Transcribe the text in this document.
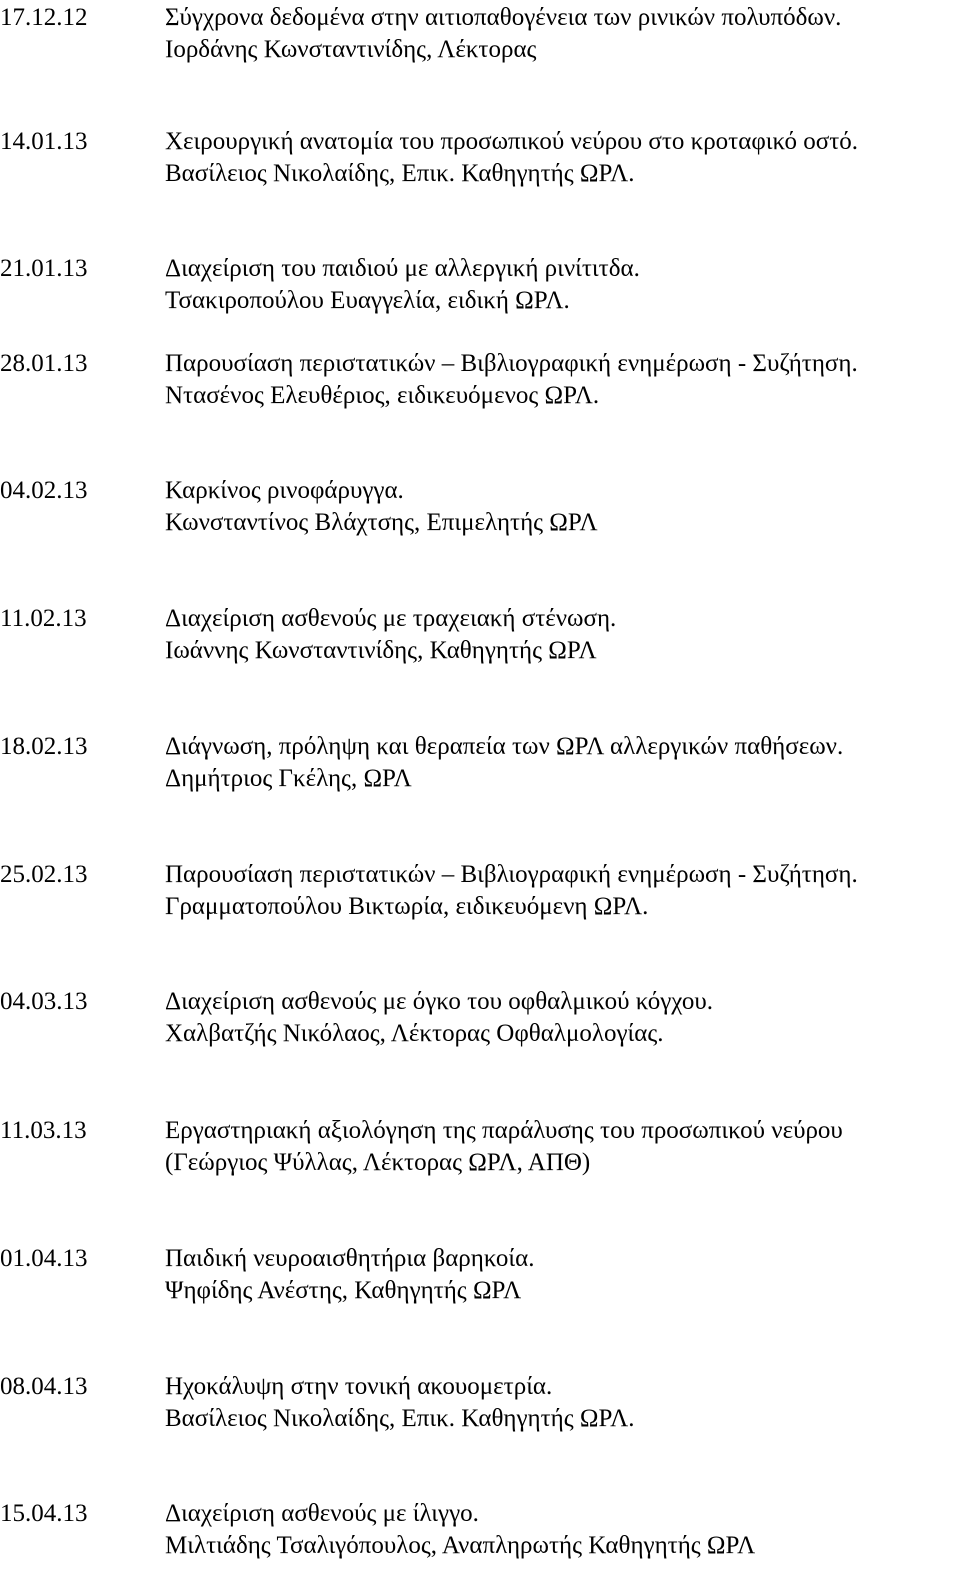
17.12.12	Σύγχρονα δεδομένα στην αιτιοπαθογένεια των ρινικών πολυπόδων.
Ιορδάνης Κωνσταντινίδης, Λέκτορας
14.01.13	Χειρουργική ανατομία του προσωπικού νεύρου στο κροταφικό οστό.
Βασίλειος Νικολαίδης, Επικ. Καθηγητής ΩΡΛ.
21.01.13	Διαχείριση του παιδιού με αλλεργική ρινίτιτδα.
Τσακιροπούλου Ευαγγελία, ειδική ΩΡΛ.
28.01.13	Παρουσίαση περιστατικών – Βιβλιογραφική ενημέρωση - Συζήτηση.
Ντασένος Ελευθέριος, ειδικευόμενος ΩΡΛ.
04.02.13	Καρκίνος ρινοφάρυγγα.
Κωνσταντίνος Βλάχτσης, Επιμελητής ΩΡΛ
11.02.13	Διαχείριση ασθενούς με τραχειακή στένωση.
Ιωάννης Κωνσταντινίδης, Καθηγητής ΩΡΛ
18.02.13	Διάγνωση, πρόληψη και θεραπεία των ΩΡΛ αλλεργικών παθήσεων.
Δημήτριος Γκέλης, ΩΡΛ
25.02.13	Παρουσίαση περιστατικών – Βιβλιογραφική ενημέρωση - Συζήτηση.
Γραμματοπούλου Βικτωρία, ειδικευόμενη ΩΡΛ.
04.03.13	Διαχείριση ασθενούς με όγκο του οφθαλμικού κόγχου.
Χαλβατζής Νικόλαος, Λέκτορας Οφθαλμολογίας.
11.03.13	Εργαστηριακή αξιολόγηση της παράλυσης του προσωπικού νεύρου
(Γεώργιος Ψύλλας, Λέκτορας ΩΡΛ, ΑΠΘ)
01.04.13	Παιδική νευροαισθητήρια βαρηκοία.
Ψηφίδης Ανέστης, Καθηγητής ΩΡΛ
08.04.13	Ηχοκάλυψη στην τονική ακουομετρία.
Βασίλειος Νικολαίδης, Επικ. Καθηγητής ΩΡΛ.
15.04.13	Διαχείριση ασθενούς με ίλιγγο.
Μιλτιάδης Τσαλιγόπουλος, Αναπληρωτής Καθηγητής ΩΡΛ
